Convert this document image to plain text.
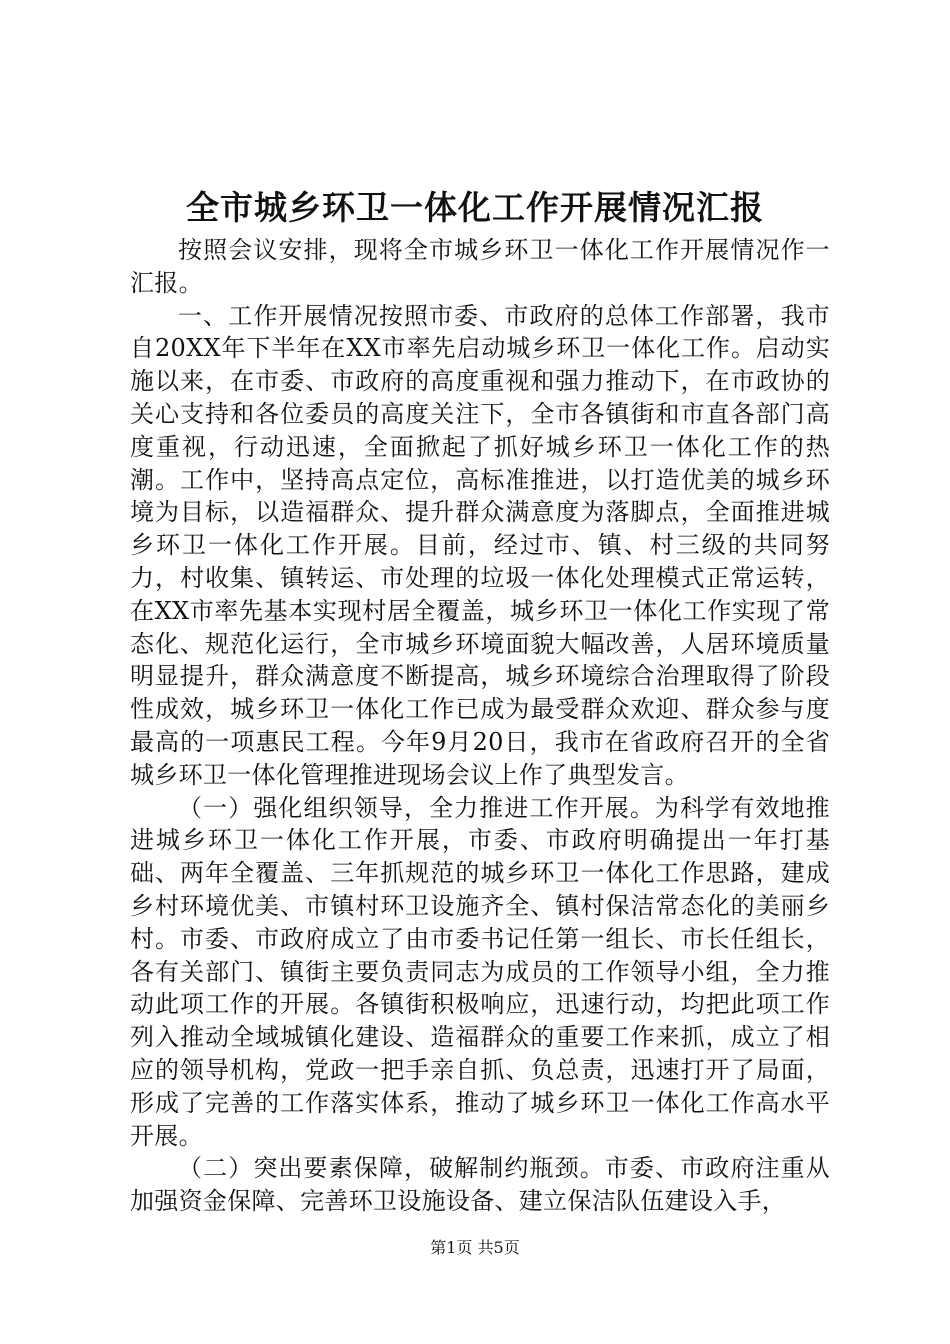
全市城乡环卫一体化工作开展情况汇报

按照会议安排，现将全市城乡环卫一体化工作开展情况作一汇报。

一、工作开展情况按照市委、市政府的总体工作部署，我市自20XX年下半年在XX市率先启动城乡环卫一体化工作。启动实施以来，在市委、市政府的高度重视和强力推动下，在市政协的关心支持和各位委员的高度关注下，全市各镇街和市直各部门高度重视，行动迅速，全面掀起了抓好城乡环卫一体化工作的热潮。工作中，坚持高点定位，高标准推进，以打造优美的城乡环境为目标，以造福群众、提升群众满意度为落脚点，全面推进城乡环卫一体化工作开展。目前，经过市、镇、村三级的共同努力，村收集、镇转运、市处理的垃圾一体化处理模式正常运转，在XX市率先基本实现村居全覆盖，城乡环卫一体化工作实现了常态化、规范化运行，全市城乡环境面貌大幅改善，人居环境质量明显提升，群众满意度不断提高，城乡环境综合治理取得了阶段性成效，城乡环卫一体化工作已成为最受群众欢迎、群众参与度最高的一项惠民工程。今年9月20日，我市在省政府召开的全省城乡环卫一体化管理推进现场会议上作了典型发言。

（一）强化组织领导，全力推进工作开展。为科学有效地推进城乡环卫一体化工作开展，市委、市政府明确提出一年打基础、两年全覆盖、三年抓规范的城乡环卫一体化工作思路，建成乡村环境优美、市镇村环卫设施齐全、镇村保洁常态化的美丽乡村。市委、市政府成立了由市委书记任第一组长、市长任组长，各有关部门、镇街主要负责同志为成员的工作领导小组，全力推动此项工作的开展。各镇街积极响应，迅速行动，均把此项工作列入推动全域城镇化建设、造福群众的重要工作来抓，成立了相应的领导机构，党政一把手亲自抓、负总责，迅速打开了局面，形成了完善的工作落实体系，推动了城乡环卫一体化工作高水平开展。

（二）突出要素保障，破解制约瓶颈。市委、市政府注重从加强资金保障、完善环卫设施设备、建立保洁队伍建设入手，

第1页 共5页
